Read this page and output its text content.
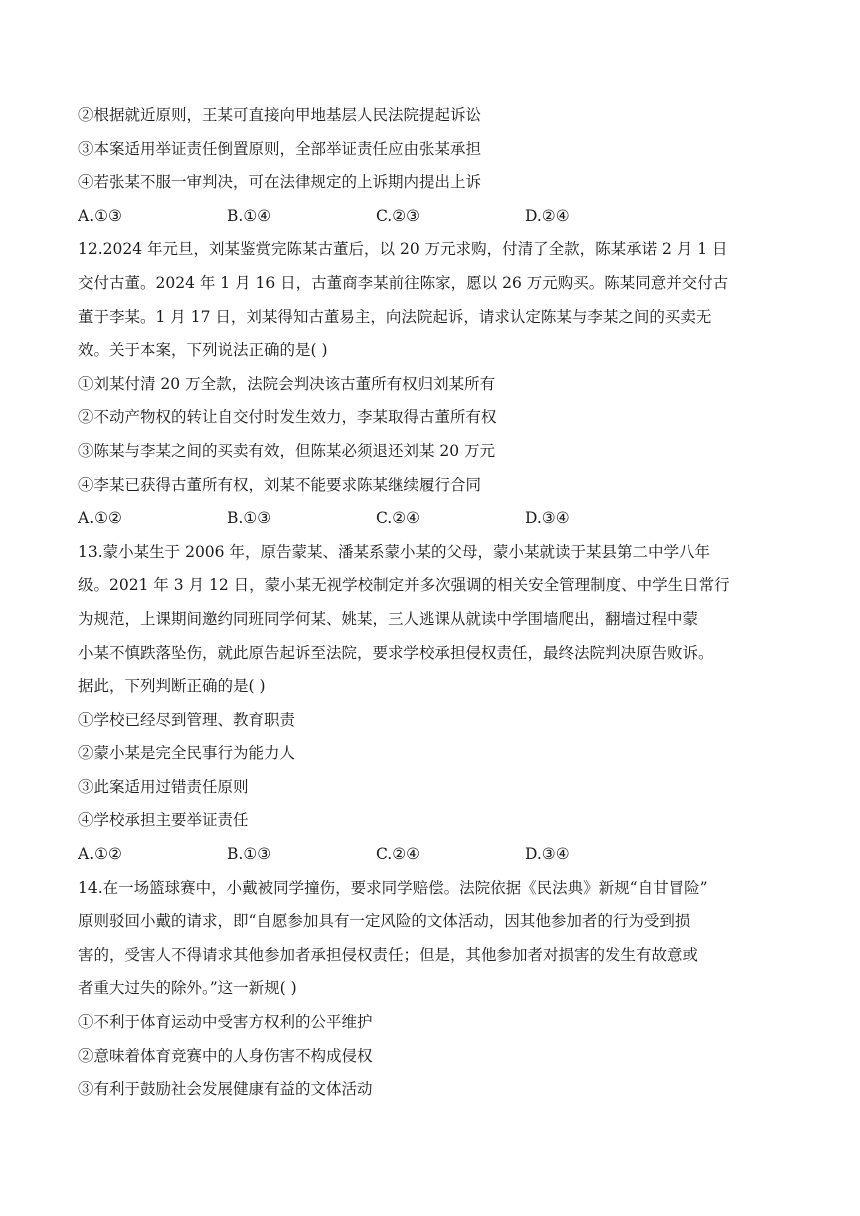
②根据就近原则，王某可直接向甲地基层人民法院提起诉讼
③本案适用举证责任倒置原则，全部举证责任应由张某承担
④若张某不服一审判决，可在法律规定的上诉期内提出上诉
A.①③	B.①④	C.②③	D.②④
12.2024 年元旦，刘某鉴赏完陈某古董后，以 20 万元求购，付清了全款，陈某承诺 2 月 1 日
交付古董。2024 年 1 月 16 日，古董商李某前往陈家，愿以 26 万元购买。陈某同意并交付古
董于李某。1 月 17 日，刘某得知古董易主，向法院起诉，请求认定陈某与李某之间的买卖无
效。关于本案，下列说法正确的是( )
①刘某付清 20 万全款，法院会判决该古董所有权归刘某所有
②不动产物权的转让自交付时发生效力，李某取得古董所有权
③陈某与李某之间的买卖有效，但陈某必须退还刘某 20 万元
④李某已获得古董所有权，刘某不能要求陈某继续履行合同
A.①②	B.①③	C.②④	D.③④
13.蒙小某生于 2006 年，原告蒙某、潘某系蒙小某的父母，蒙小某就读于某县第二中学八年
级。2021 年 3 月 12 日，蒙小某无视学校制定并多次强调的相关安全管理制度、中学生日常行
为规范，上课期间邀约同班同学何某、姚某，三人逃课从就读中学围墙爬出，翻墙过程中蒙
小某不慎跌落坠伤，就此原告起诉至法院，要求学校承担侵权责任，最终法院判决原告败诉。
据此，下列判断正确的是( )
①学校已经尽到管理、教育职责
②蒙小某是完全民事行为能力人
③此案适用过错责任原则
④学校承担主要举证责任
A.①②	B.①③	C.②④	D.③④
14.在一场篮球赛中，小戴被同学撞伤，要求同学赔偿。法院依据《民法典》新规“自甘冒险”
原则驳回小戴的请求，即“自愿参加具有一定风险的文体活动，因其他参加者的行为受到损
害的，受害人不得请求其他参加者承担侵权责任；但是，其他参加者对损害的发生有故意或
者重大过失的除外。”这一新规( )
①不利于体育运动中受害方权利的公平维护
②意味着体育竞赛中的人身伤害不构成侵权
③有利于鼓励社会发展健康有益的文体活动
